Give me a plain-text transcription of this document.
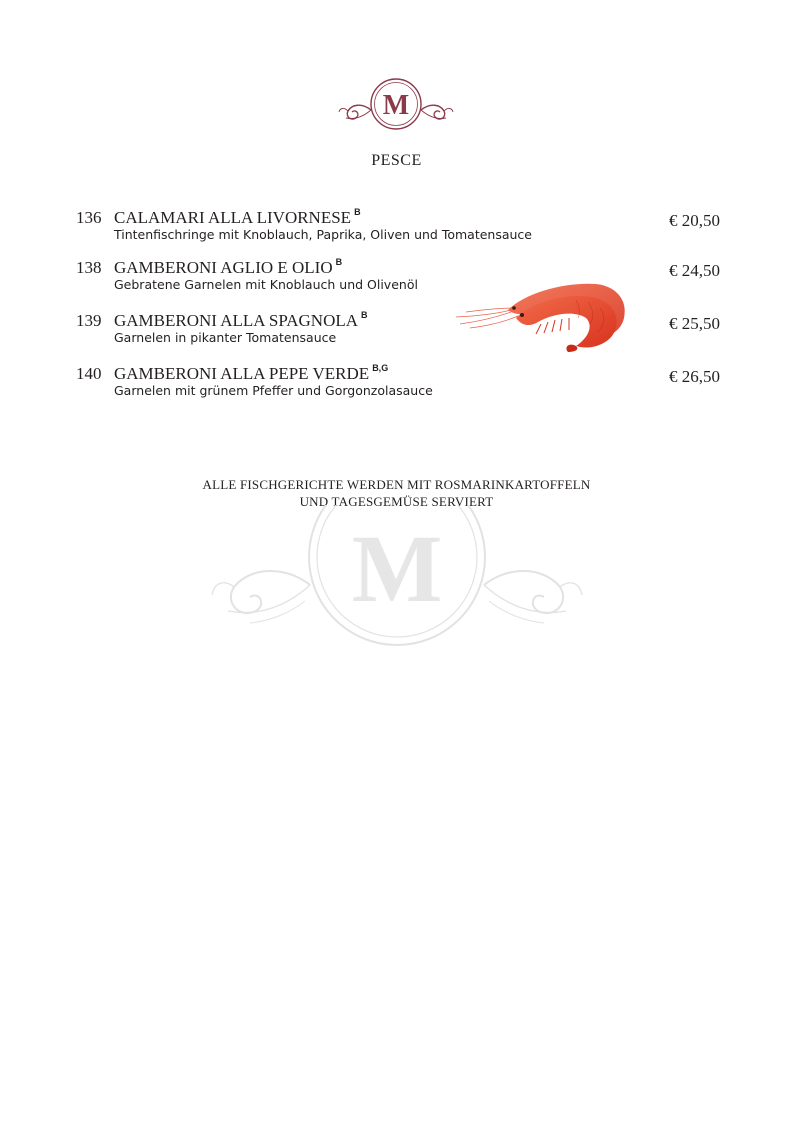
M
PESCE
136 CALAMARI ALLA LIVORNESE $^B$
Tintenfischringe mit Knoblauch, Paprika, Oliven und Tomatensauce
€ 20,50
138 GAMBERONI AGLIO E OLIO $^B$
Gebratene Garnelen mit Knoblauch und Olivenöl
€ 24,50
139 GAMBERONI ALLA SPAGNOLA $^B$
Garnelen in pikanter Tomatensauce
€ 25,50
140 GAMBERONI ALLA PEPE VERDE $^{B,G}$
Garnelen mit grünem Pfeffer und Gorgonzolasauce
€ 26,50
ALLE FISCHGERICHTE WERDEN MIT ROSMARINKARTOFFELN
UND TAGESGEMÜSE SERVIERT
M
